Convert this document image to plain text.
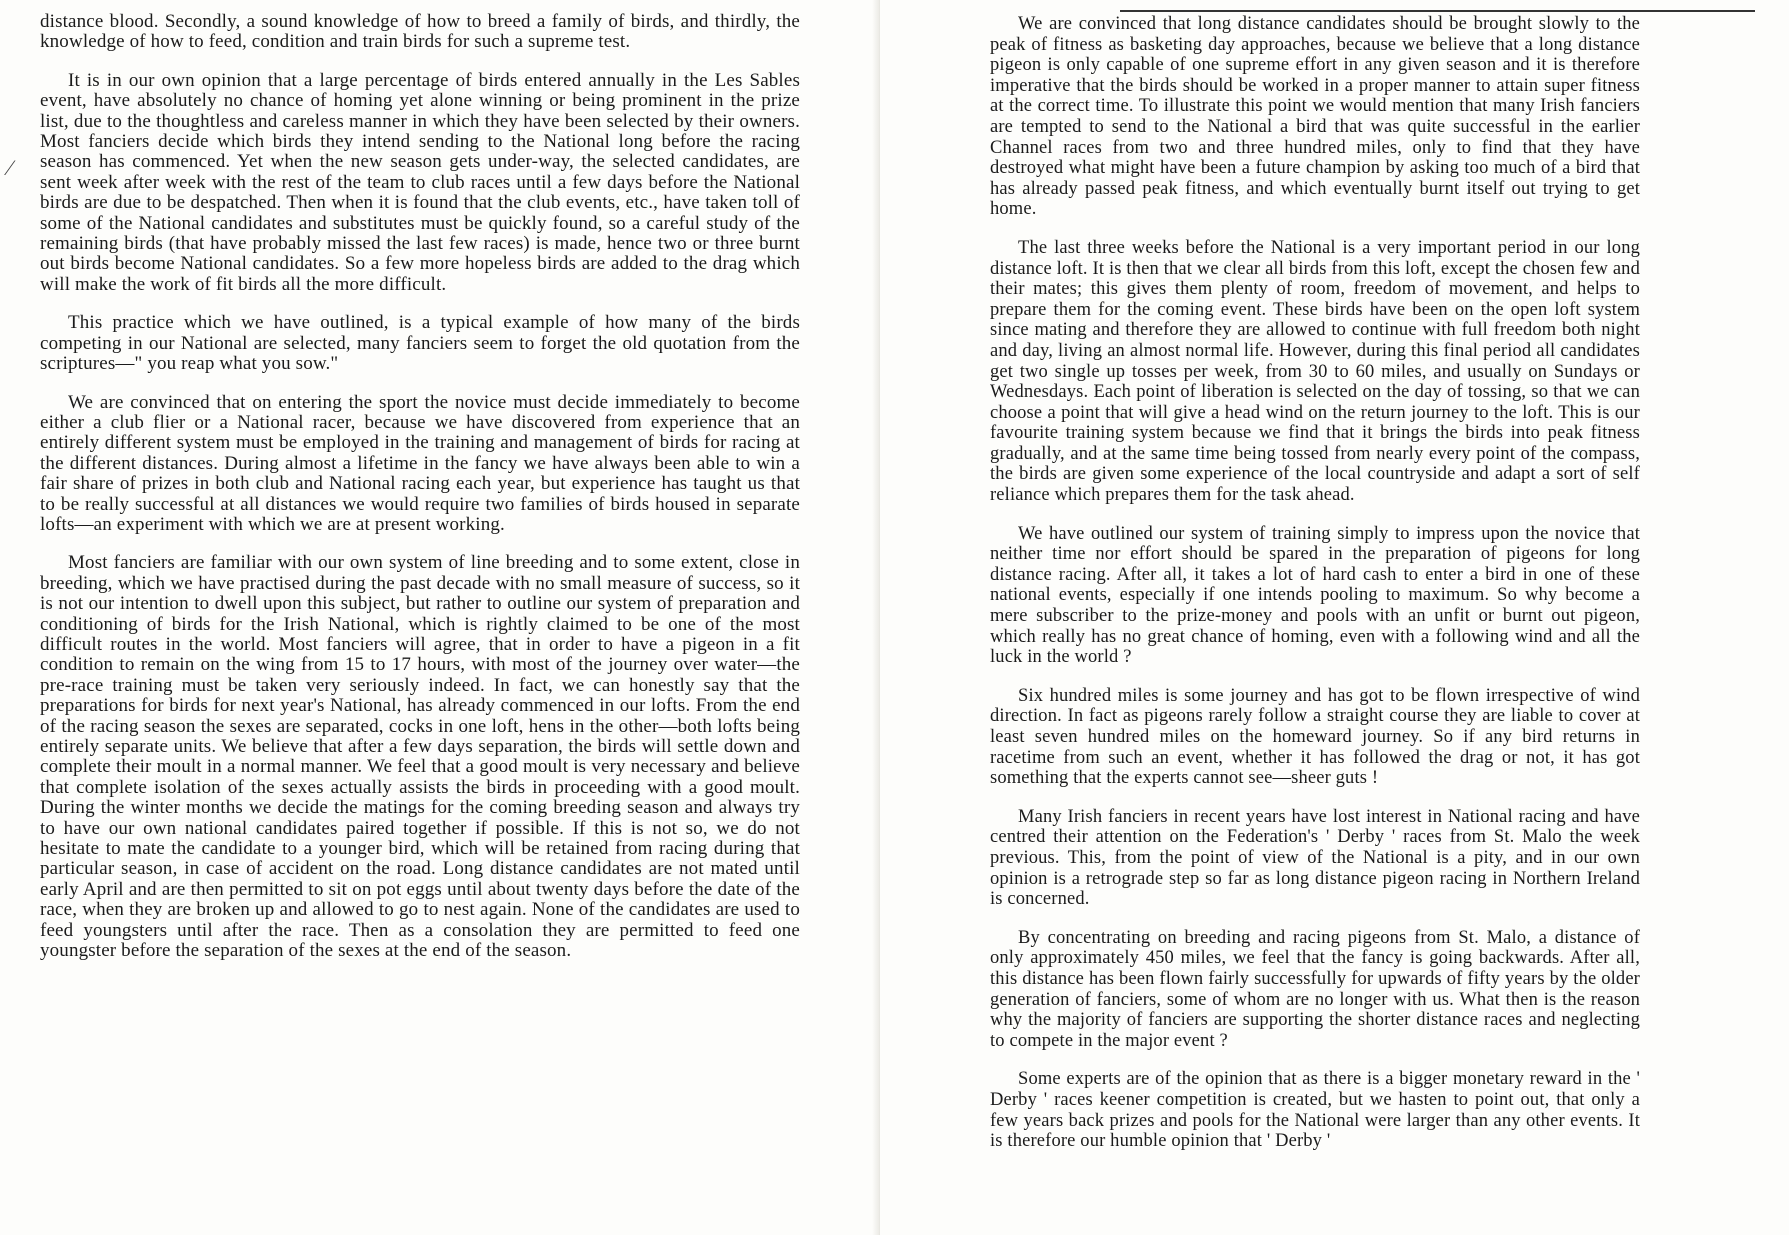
⁄

distance blood. Secondly, a sound knowledge of how to breed a family of birds, and thirdly, the knowledge of how to feed, condition and train birds for such a supreme test.

It is in our own opinion that a large percentage of birds entered annually in the Les Sables event, have absolutely no chance of homing yet alone winning or being prominent in the prize list, due to the thoughtless and careless manner in which they have been selected by their owners. Most fanciers decide which birds they intend sending to the National long before the racing season has commenced. Yet when the new season gets under-way, the selected candidates, are sent week after week with the rest of the team to club races until a few days before the National birds are due to be despatched. Then when it is found that the club events, etc., have taken toll of some of the National candidates and substitutes must be quickly found, so a careful study of the remaining birds (that have probably missed the last few races) is made, hence two or three burnt out birds become National candidates. So a few more hopeless birds are added to the drag which will make the work of fit birds all the more difficult.

This practice which we have outlined, is a typical example of how many of the birds competing in our National are selected, many fanciers seem to forget the old quotation from the scriptures—" you reap what you sow."

We are convinced that on entering the sport the novice must decide immediately to become either a club flier or a National racer, because we have discovered from experience that an entirely different system must be employed in the training and management of birds for racing at the different distances. During almost a lifetime in the fancy we have always been able to win a fair share of prizes in both club and National racing each year, but experience has taught us that to be really successful at all distances we would require two families of birds housed in separate lofts—an experiment with which we are at present working.

Most fanciers are familiar with our own system of line breeding and to some extent, close in breeding, which we have practised during the past decade with no small measure of success, so it is not our intention to dwell upon this subject, but rather to outline our system of preparation and conditioning of birds for the Irish National, which is rightly claimed to be one of the most difficult routes in the world. Most fanciers will agree, that in order to have a pigeon in a fit condition to remain on the wing from 15 to 17 hours, with most of the journey over water—the pre-race training must be taken very seriously indeed. In fact, we can honestly say that the preparations for birds for next year's National, has already commenced in our lofts. From the end of the racing season the sexes are separated, cocks in one loft, hens in the other—both lofts being entirely separate units. We believe that after a few days separation, the birds will settle down and complete their moult in a normal manner. We feel that a good moult is very necessary and believe that complete isolation of the sexes actually assists the birds in proceeding with a good moult. During the winter months we decide the matings for the coming breeding season and always try to have our own national candidates paired together if possible. If this is not so, we do not hesitate to mate the candidate to a younger bird, which will be retained from racing during that particular season, in case of accident on the road. Long distance candidates are not mated until early April and are then permitted to sit on pot eggs until about twenty days before the date of the race, when they are broken up and allowed to go to nest again. None of the candidates are used to feed youngsters until after the race. Then as a consolation they are permitted to feed one youngster before the separation of the sexes at the end of the season.

We are convinced that long distance candidates should be brought slowly to the peak of fitness as basketing day approaches, because we believe that a long distance pigeon is only capable of one supreme effort in any given season and it is therefore imperative that the birds should be worked in a proper manner to attain super fitness at the correct time. To illustrate this point we would mention that many Irish fanciers are tempted to send to the National a bird that was quite successful in the earlier Channel races from two and three hundred miles, only to find that they have destroyed what might have been a future champion by asking too much of a bird that has already passed peak fitness, and which eventually burnt itself out trying to get home.

The last three weeks before the National is a very important period in our long distance loft. It is then that we clear all birds from this loft, except the chosen few and their mates; this gives them plenty of room, freedom of movement, and helps to prepare them for the coming event. These birds have been on the open loft system since mating and therefore they are allowed to continue with full freedom both night and day, living an almost normal life. However, during this final period all candidates get two single up tosses per week, from 30 to 60 miles, and usually on Sundays or Wednesdays. Each point of liberation is selected on the day of tossing, so that we can choose a point that will give a head wind on the return journey to the loft. This is our favourite training system because we find that it brings the birds into peak fitness gradually, and at the same time being tossed from nearly every point of the compass, the birds are given some experience of the local countryside and adapt a sort of self reliance which prepares them for the task ahead.

We have outlined our system of training simply to impress upon the novice that neither time nor effort should be spared in the preparation of pigeons for long distance racing. After all, it takes a lot of hard cash to enter a bird in one of these national events, especially if one intends pooling to maximum. So why become a mere subscriber to the prize-money and pools with an unfit or burnt out pigeon, which really has no great chance of homing, even with a following wind and all the luck in the world ?

Six hundred miles is some journey and has got to be flown irrespective of wind direction. In fact as pigeons rarely follow a straight course they are liable to cover at least seven hundred miles on the homeward journey. So if any bird returns in racetime from such an event, whether it has followed the drag or not, it has got something that the experts cannot see—sheer guts !

Many Irish fanciers in recent years have lost interest in National racing and have centred their attention on the Federation's ' Derby ' races from St. Malo the week previous. This, from the point of view of the National is a pity, and in our own opinion is a retrograde step so far as long distance pigeon racing in Northern Ireland is concerned.

By concentrating on breeding and racing pigeons from St. Malo, a distance of only approximately 450 miles, we feel that the fancy is going backwards. After all, this distance has been flown fairly successfully for upwards of fifty years by the older generation of fanciers, some of whom are no longer with us. What then is the reason why the majority of fanciers are supporting the shorter distance races and neglecting to compete in the major event ?

Some experts are of the opinion that as there is a bigger monetary reward in the ' Derby ' races keener competition is created, but we hasten to point out, that only a few years back prizes and pools for the National were larger than any other events. It is therefore our humble opinion that ' Derby '
